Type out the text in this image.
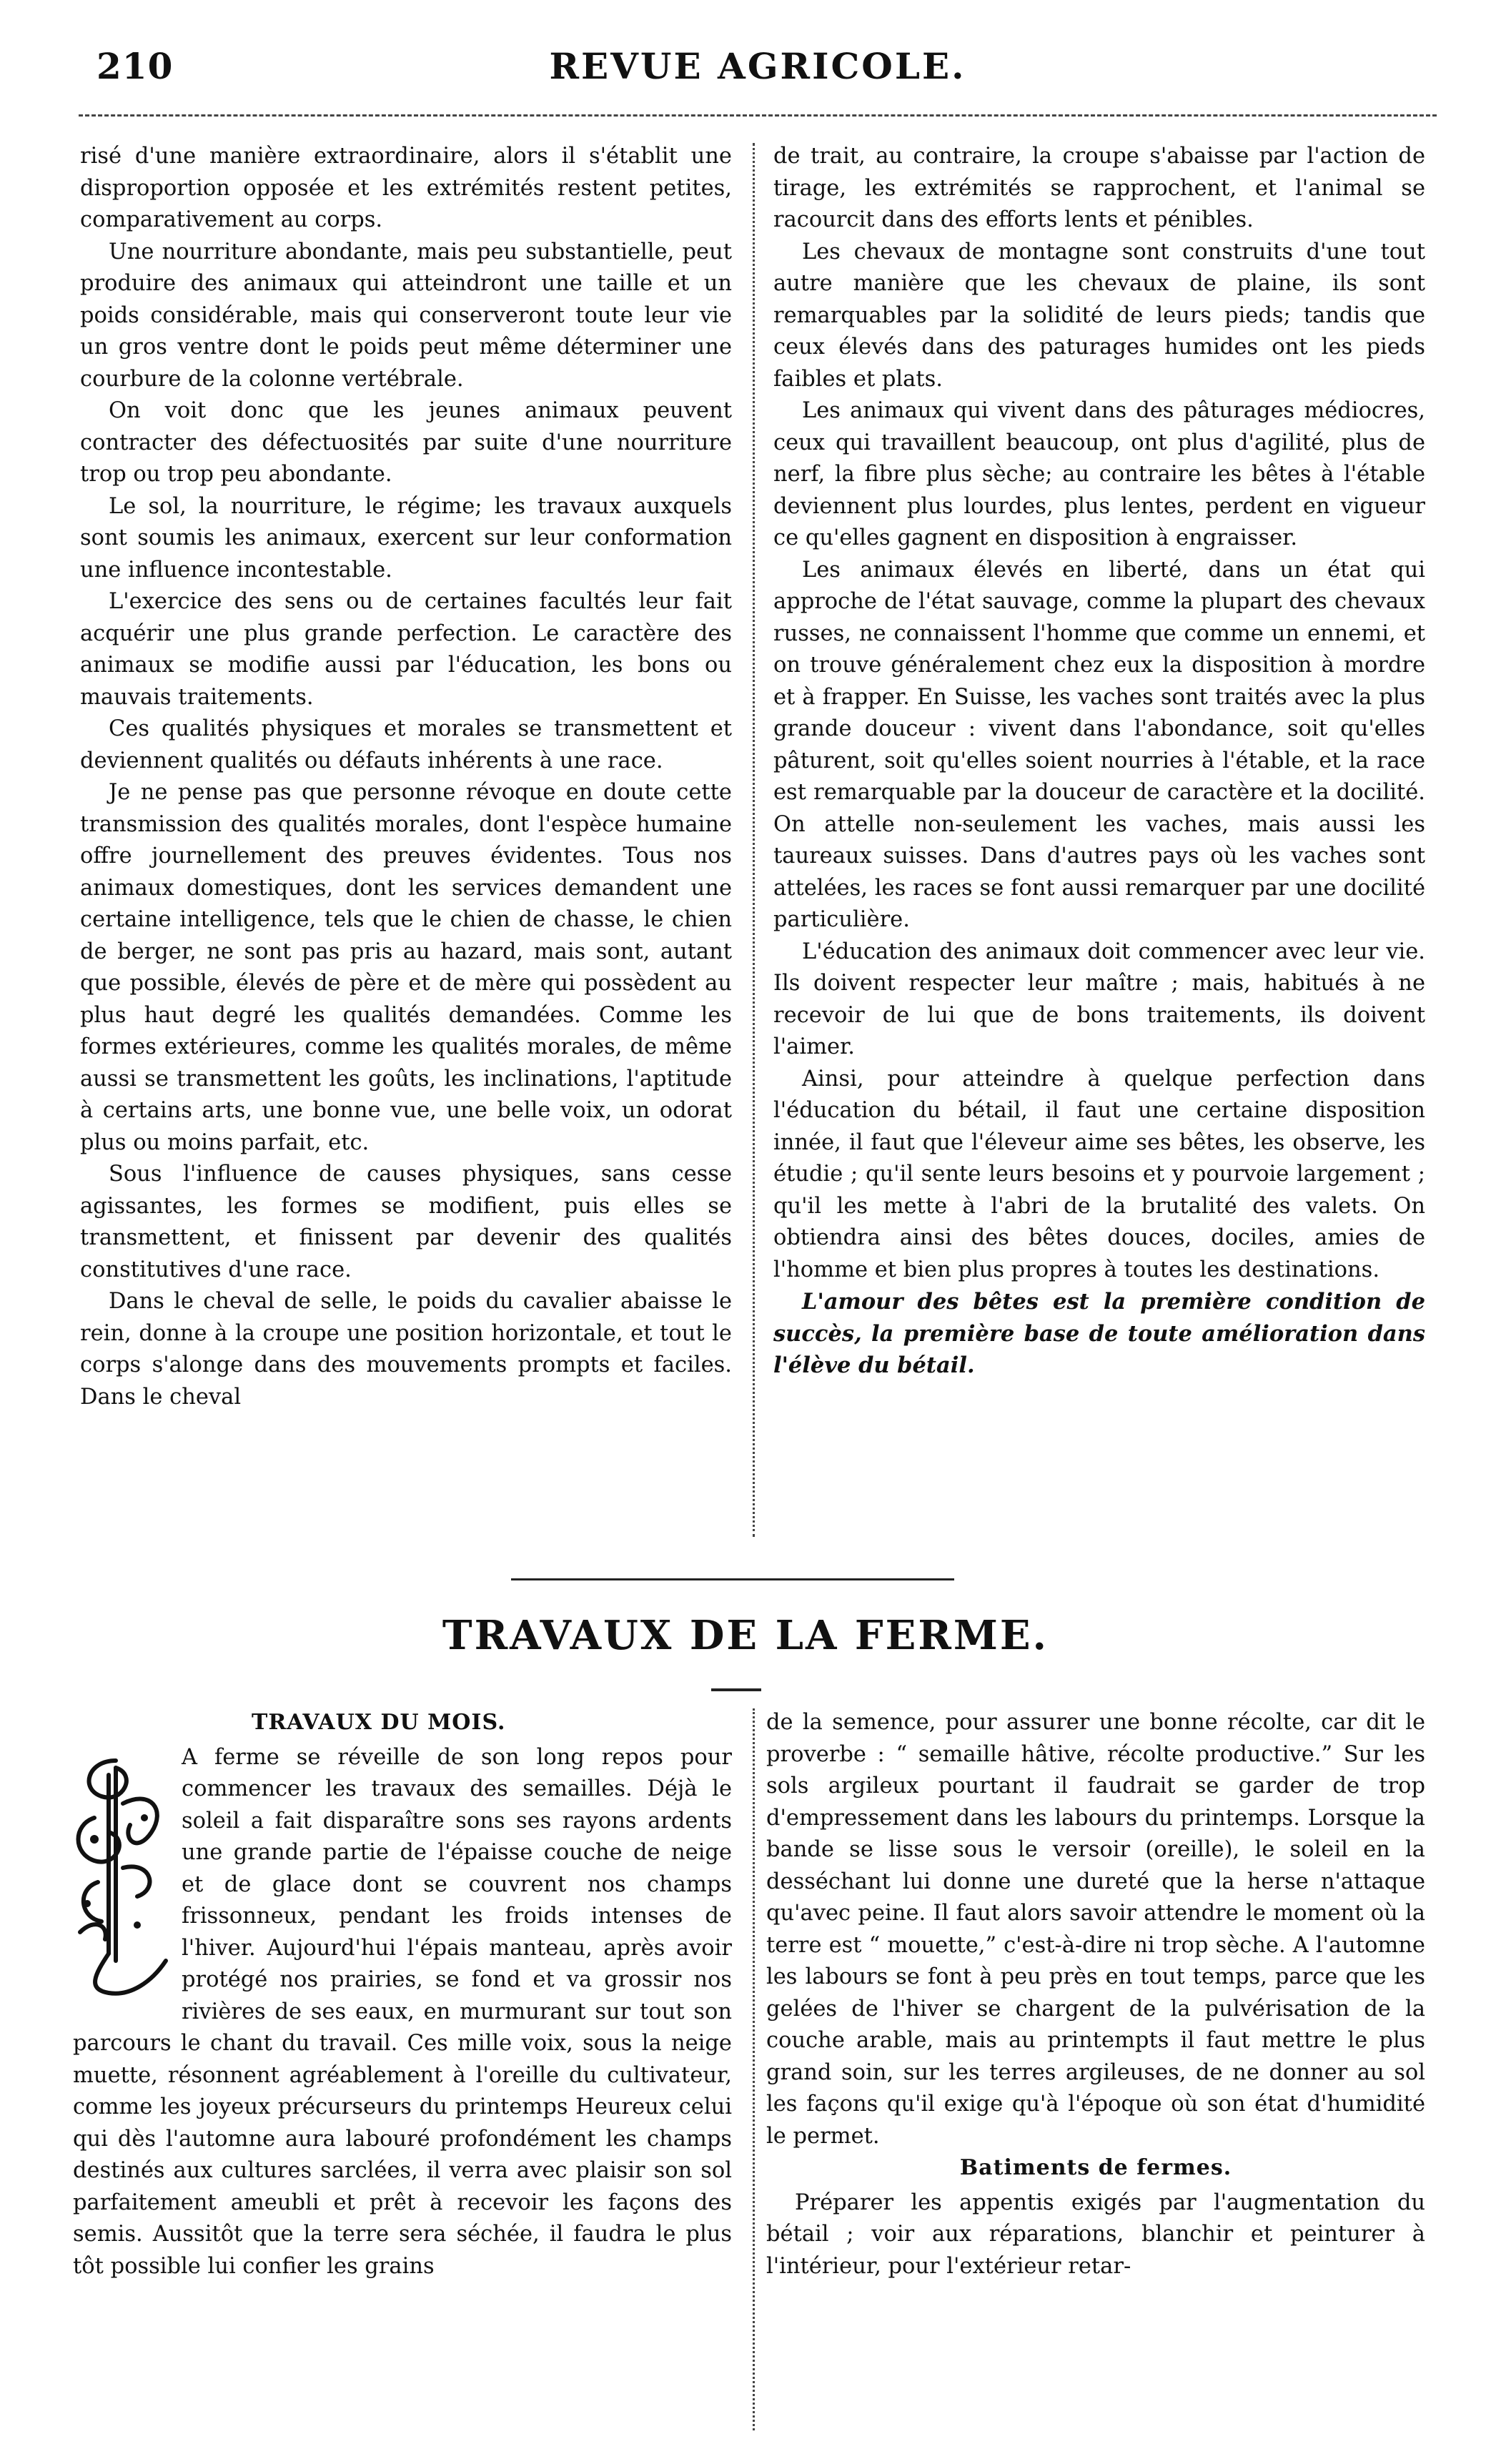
210	REVUE AGRICOLE.

risé d'une manière extraordinaire, alors il s'établit une disproportion opposée et les extrémités restent petites, comparativement au corps.

Une nourriture abondante, mais peu substantielle, peut produire des animaux qui atteindront une taille et un poids considérable, mais qui conserveront toute leur vie un gros ventre dont le poids peut même déterminer une courbure de la colonne vertébrale.

On voit donc que les jeunes animaux peuvent contracter des défectuosités par suite d'une nourriture trop ou trop peu abondante.

Le sol, la nourriture, le régime; les travaux auxquels sont soumis les animaux, exercent sur leur conformation une influence incontestable.

L'exercice des sens ou de certaines facultés leur fait acquérir une plus grande perfection. Le caractère des animaux se modifie aussi par l'éducation, les bons ou mauvais traitements.

Ces qualités physiques et morales se transmettent et deviennent qualités ou défauts inhérents à une race.

Je ne pense pas que personne révoque en doute cette transmission des qualités morales, dont l'espèce humaine offre journellement des preuves évidentes. Tous nos animaux domestiques, dont les services demandent une certaine intelligence, tels que le chien de chasse, le chien de berger, ne sont pas pris au hazard, mais sont, autant que possible, élevés de père et de mère qui possèdent au plus haut degré les qualités demandées. Comme les formes extérieures, comme les qualités morales, de même aussi se transmettent les goûts, les inclinations, l'aptitude à certains arts, une bonne vue, une belle voix, un odorat plus ou moins parfait, etc.

Sous l'influence de causes physiques, sans cesse agissantes, les formes se modifient, puis elles se transmettent, et finissent par devenir des qualités constitutives d'une race.

Dans le cheval de selle, le poids du cavalier abaisse le rein, donne à la croupe une position horizontale, et tout le corps s'alonge dans des mouvements prompts et faciles. Dans le cheval

de trait, au contraire, la croupe s'abaisse par l'action de tirage, les extrémités se rapprochent, et l'animal se racourcit dans des efforts lents et pénibles.

Les chevaux de montagne sont construits d'une tout autre manière que les chevaux de plaine, ils sont remarquables par la solidité de leurs pieds; tandis que ceux élevés dans des paturages humides ont les pieds faibles et plats.

Les animaux qui vivent dans des pâturages médiocres, ceux qui travaillent beaucoup, ont plus d'agilité, plus de nerf, la fibre plus sèche; au contraire les bêtes à l'étable deviennent plus lourdes, plus lentes, perdent en vigueur ce qu'elles gagnent en disposition à engraisser.

Les animaux élevés en liberté, dans un état qui approche de l'état sauvage, comme la plupart des chevaux russes, ne connaissent l'homme que comme un ennemi, et on trouve généralement chez eux la disposition à mordre et à frapper. En Suisse, les vaches sont traités avec la plus grande douceur : vivent dans l'abondance, soit qu'elles pâturent, soit qu'elles soient nourries à l'étable, et la race est remarquable par la douceur de caractère et la docilité. On attelle non-seulement les vaches, mais aussi les taureaux suisses. Dans d'autres pays où les vaches sont attelées, les races se font aussi remarquer par une docilité particulière.

L'éducation des animaux doit commencer avec leur vie. Ils doivent respecter leur maître ; mais, habitués à ne recevoir de lui que de bons traitements, ils doivent l'aimer.

Ainsi, pour atteindre à quelque perfection dans l'éducation du bétail, il faut une certaine disposition innée, il faut que l'éleveur aime ses bêtes, les observe, les étudie ; qu'il sente leurs besoins et y pourvoie largement ; qu'il les mette à l'abri de la brutalité des valets. On obtiendra ainsi des bêtes douces, dociles, amies de l'homme et bien plus propres à toutes les destinations.

L'amour des bêtes est la première condition de succès, la première base de toute amélioration dans l'élève du bétail.

TRAVAUX DE LA FERME.
TRAVAUX DU MOIS.

A ferme se réveille de son long repos pour commencer les travaux des semailles. Déjà le soleil a fait disparaître sons ses rayons ardents une grande partie de l'épaisse couche de neige et de glace dont se couvrent nos champs frissonneux, pendant les froids intenses de l'hiver. Aujourd'hui l'épais manteau, après avoir protégé nos prairies, se fond et va grossir nos rivières de ses eaux, en murmurant sur tout son parcours le chant du travail. Ces mille voix, sous la neige muette, résonnent agréablement à l'oreille du cultivateur, comme les joyeux précurseurs du printemps Heureux celui qui dès l'automne aura labouré profondément les champs destinés aux cultures sarclées, il verra avec plaisir son sol parfaitement ameubli et prêt à recevoir les façons des semis. Aussitôt que la terre sera séchée, il faudra le plus tôt possible lui confier les grains

de la semence, pour assurer une bonne récolte, car dit le proverbe : “ semaille hâtive, récolte productive.” Sur les sols argileux pourtant il faudrait se garder de trop d'empressement dans les labours du printemps. Lorsque la bande se lisse sous le versoir (oreille), le soleil en la desséchant lui donne une dureté que la herse n'attaque qu'avec peine. Il faut alors savoir attendre le moment où la terre est “ mouette,” c'est-à-dire ni trop sèche. A l'automne les labours se font à peu près en tout temps, parce que les gelées de l'hiver se chargent de la pulvérisation de la couche arable, mais au printempts il faut mettre le plus grand soin, sur les terres argileuses, de ne donner au sol les façons qu'il exige qu'à l'époque où son état d'humidité le permet.

Batiments de fermes.

Préparer les appentis exigés par l'augmentation du bétail ; voir aux réparations, blanchir et peinturer à l'intérieur, pour l'extérieur retar-
